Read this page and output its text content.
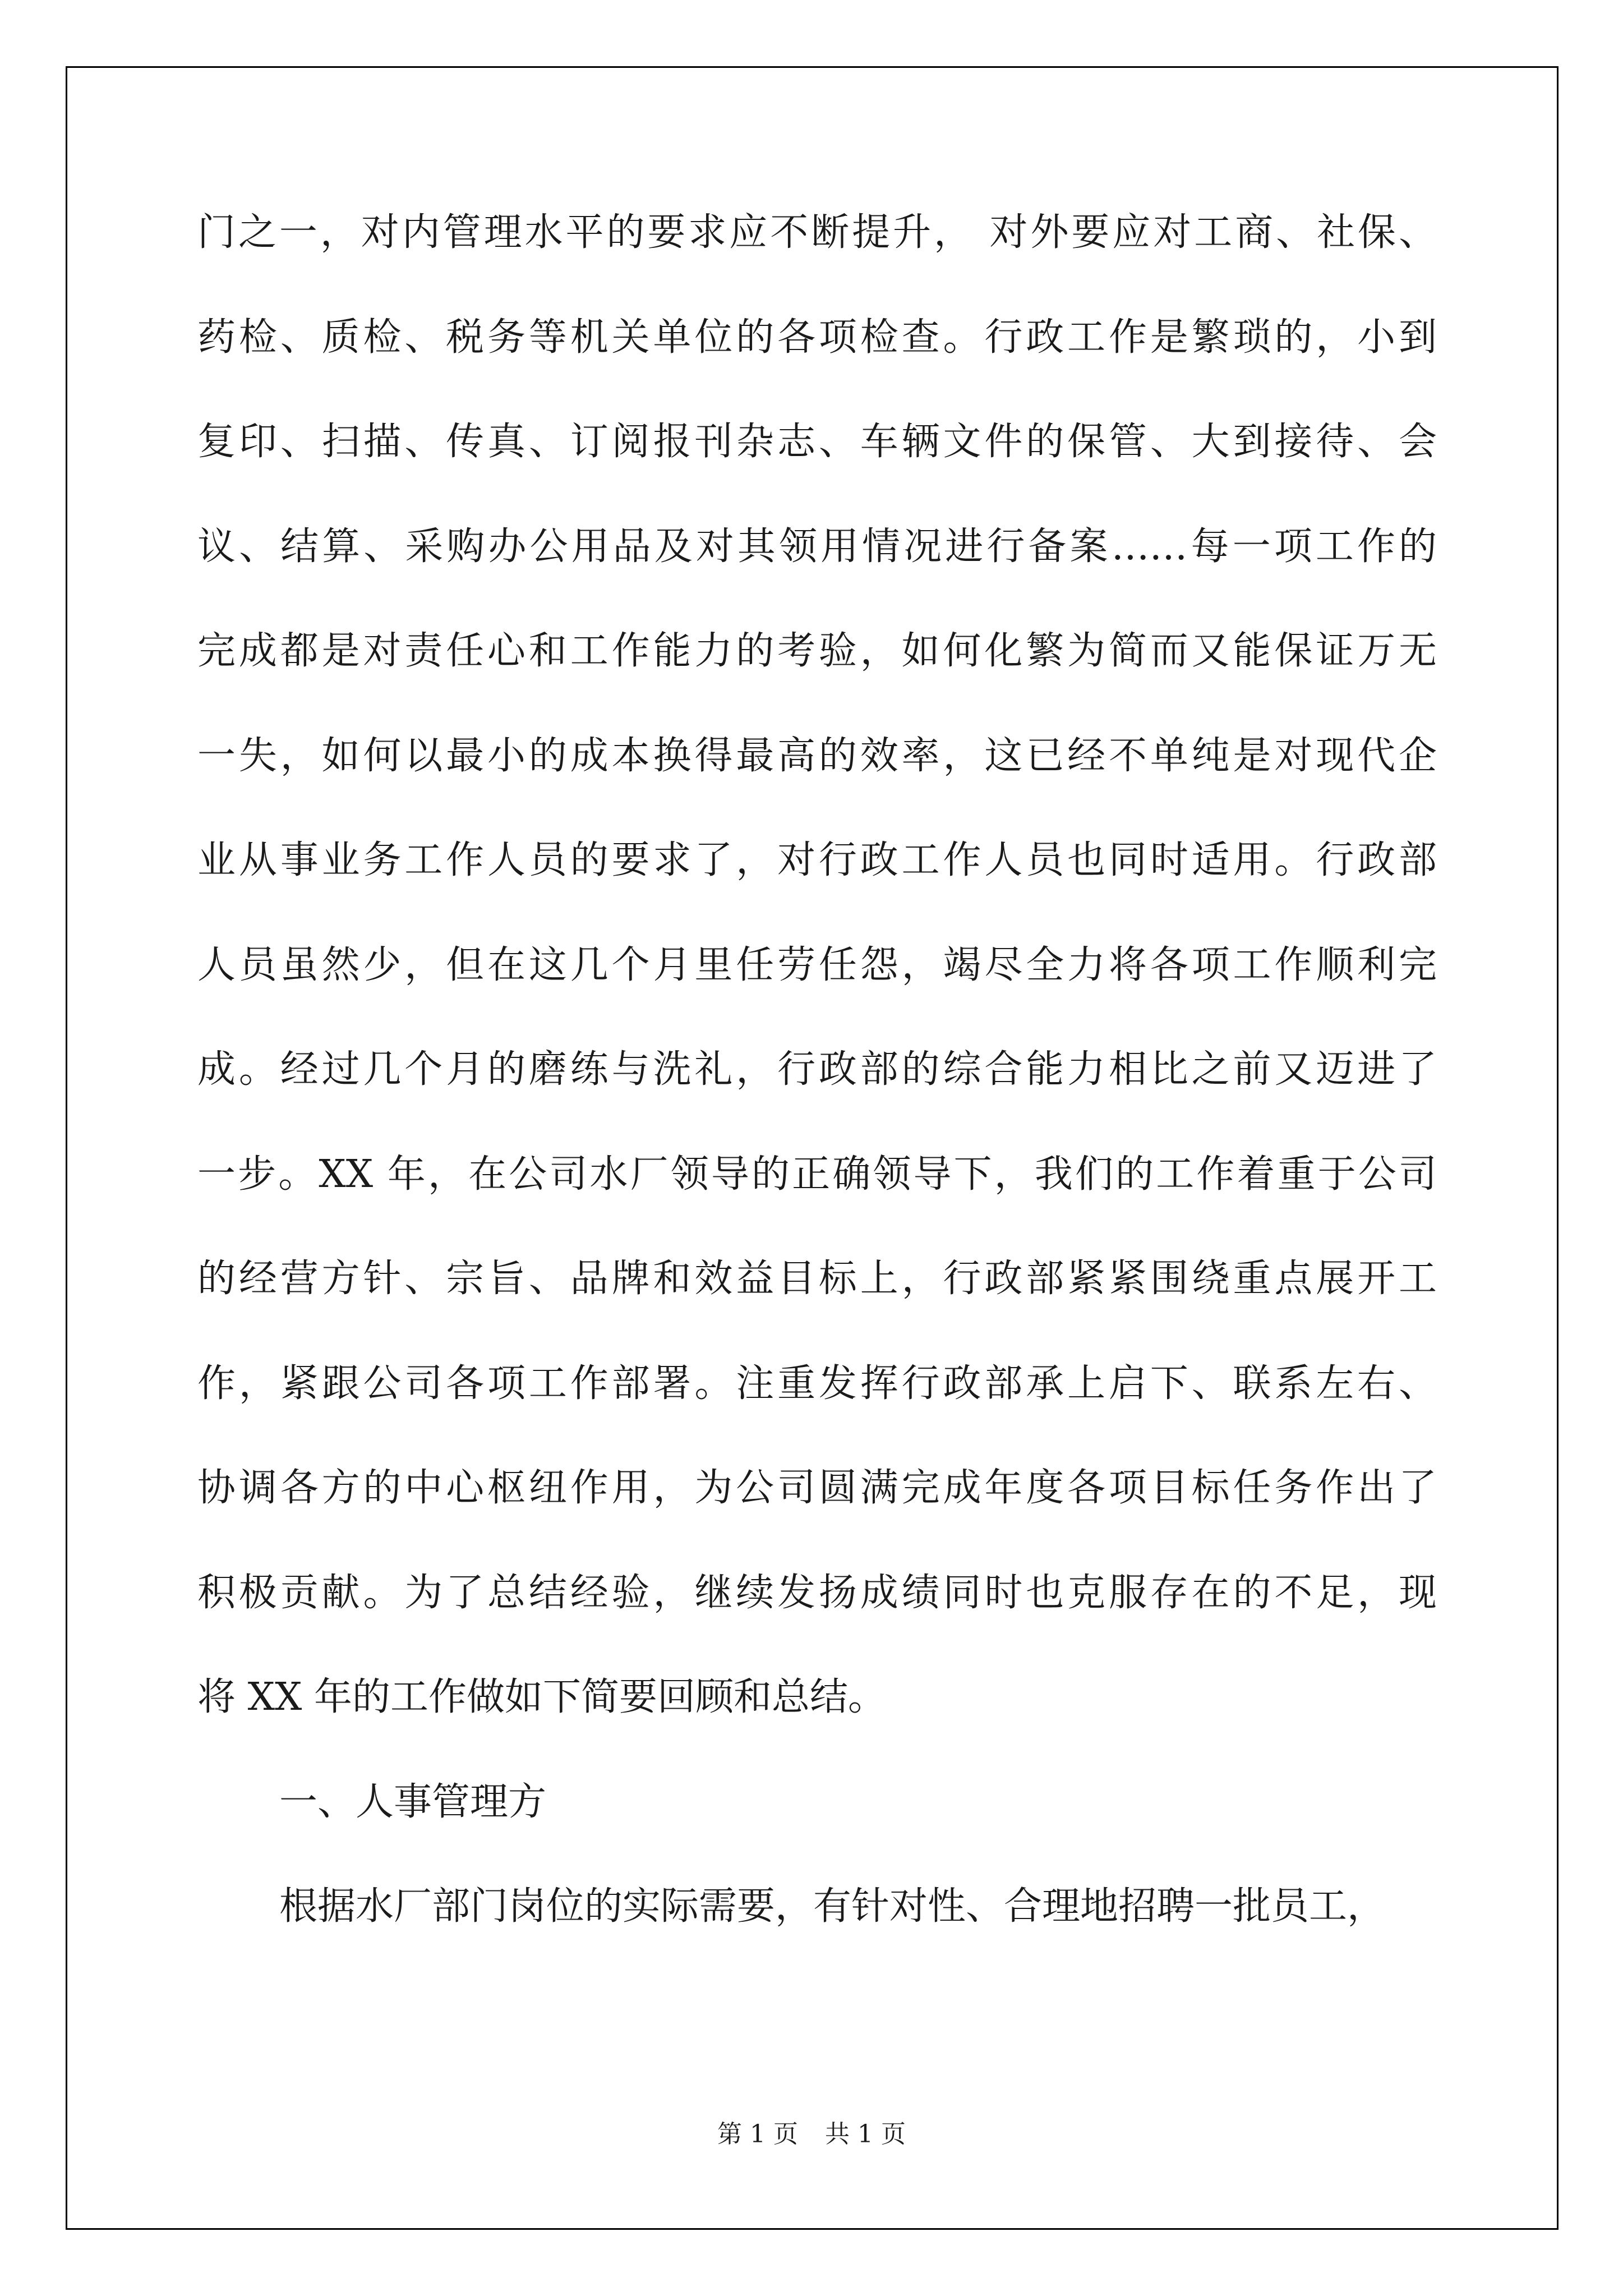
门之一，对内管理水平的要求应不断提升， 对外要应对工商、社保、
药检、质检、税务等机关单位的各项检查。行政工作是繁琐的，小到
复印、扫描、传真、订阅报刊杂志、车辆文件的保管、大到接待、会
议、结算、采购办公用品及对其领用情况进行备案……每一项工作的
完成都是对责任心和工作能力的考验，如何化繁为简而又能保证万无
一失，如何以最小的成本换得最高的效率，这已经不单纯是对现代企
业从事业务工作人员的要求了，对行政工作人员也同时适用。行政部
人员虽然少，但在这几个月里任劳任怨，竭尽全力将各项工作顺利完
成。经过几个月的磨练与洗礼，行政部的综合能力相比之前又迈进了
一步。XX 年，在公司水厂领导的正确领导下，我们的工作着重于公司
的经营方针、宗旨、品牌和效益目标上，行政部紧紧围绕重点展开工
作，紧跟公司各项工作部署。注重发挥行政部承上启下、联系左右、
协调各方的中心枢纽作用，为公司圆满完成年度各项目标任务作出了
积极贡献。为了总结经验，继续发扬成绩同时也克服存在的不足，现
将 XX 年的工作做如下简要回顾和总结。
一、人事管理方
根据水厂部门岗位的实际需要，有针对性、合理地招聘一批员工，
第 1 页 共 1 页
